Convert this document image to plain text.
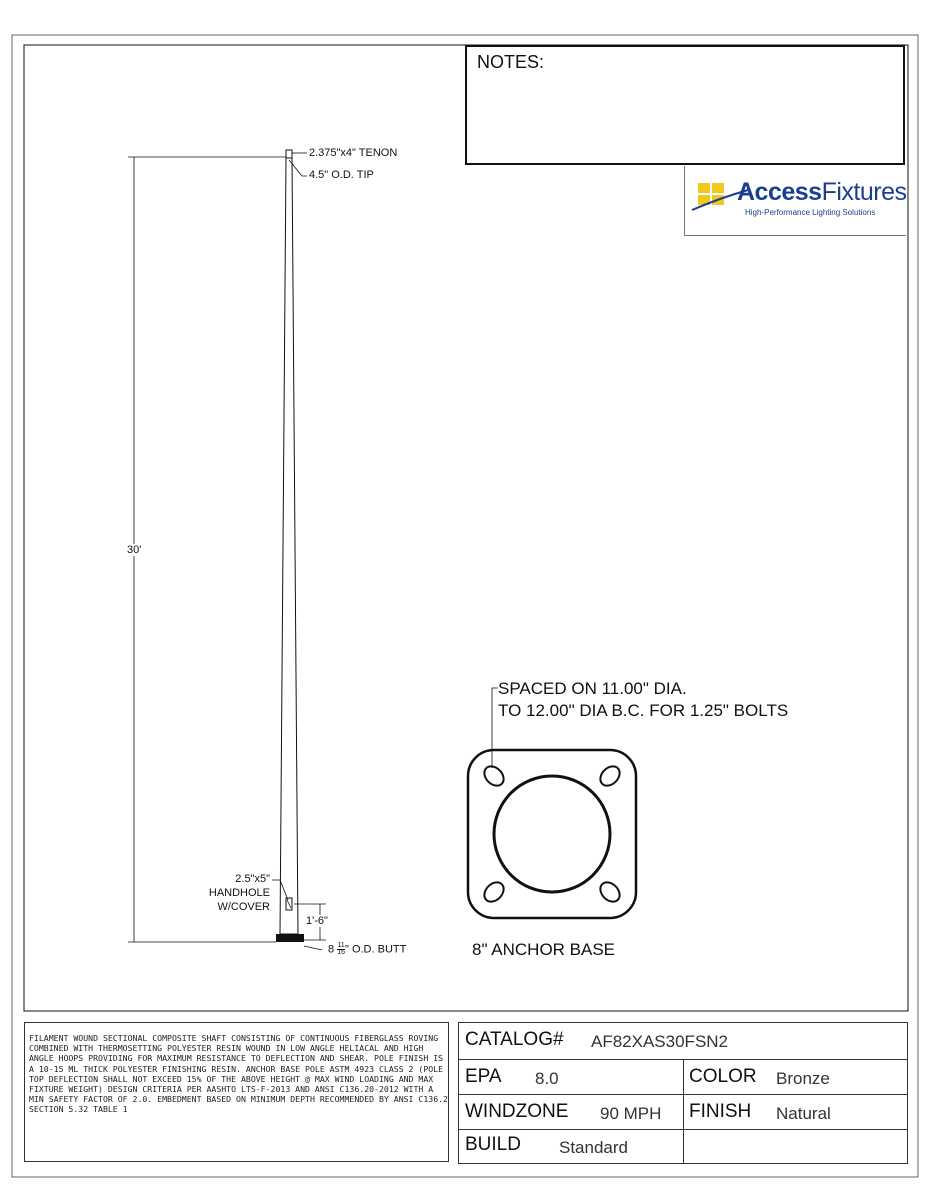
2.375"x4" TENON
4.5" O.D. TIP
30'
2.5"x5"
HANDHOLE
W/COVER
1'-6"
$8 \frac{11}{16}$ " O.D. BUTT
SPACED ON 11.00" DIA.
TO 12.00" DIA B.C. FOR 1.25" BOLTS
8" ANCHOR BASE
NOTES:
AccessFixtures
High-Performance Lighting Solutions
FILAMENT WOUND SECTIONAL COMPOSITE SHAFT CONSISTING OF CONTINUOUS FIBERGLASS ROVING COMBINED WITH THERMOSETTING POLYESTER RESIN WOUND IN LOW ANGLE HELIACAL AND HIGH ANGLE HOOPS PROVIDING FOR MAXIMUM RESISTANCE TO DEFLECTION AND SHEAR. POLE FINISH IS A 10-15 ML THICK POLYESTER FINISHING RESIN. ANCHOR BASE POLE ASTM 4923 CLASS 2 (POLE TOP DEFLECTION SHALL NOT EXCEED 15% OF THE ABOVE HEIGHT @ MAX WIND LOADING AND MAX FIXTURE WEIGHT) DESIGN CRITERIA PER AASHTO LTS-F-2013 AND ANSI C136.20-2012 WITH A MIN SAFETY FACTOR OF 2.0. EMBEDMENT BASED ON MINIMUM DEPTH RECOMMENDED BY ANSI C136.2 SECTION 5.32 TABLE 1
CATALOG# AF82XAS30FSN2
EPA 8.0	COLOR Bronze
WINDZONE 90 MPH FINISH Natural
BUILD Standard
